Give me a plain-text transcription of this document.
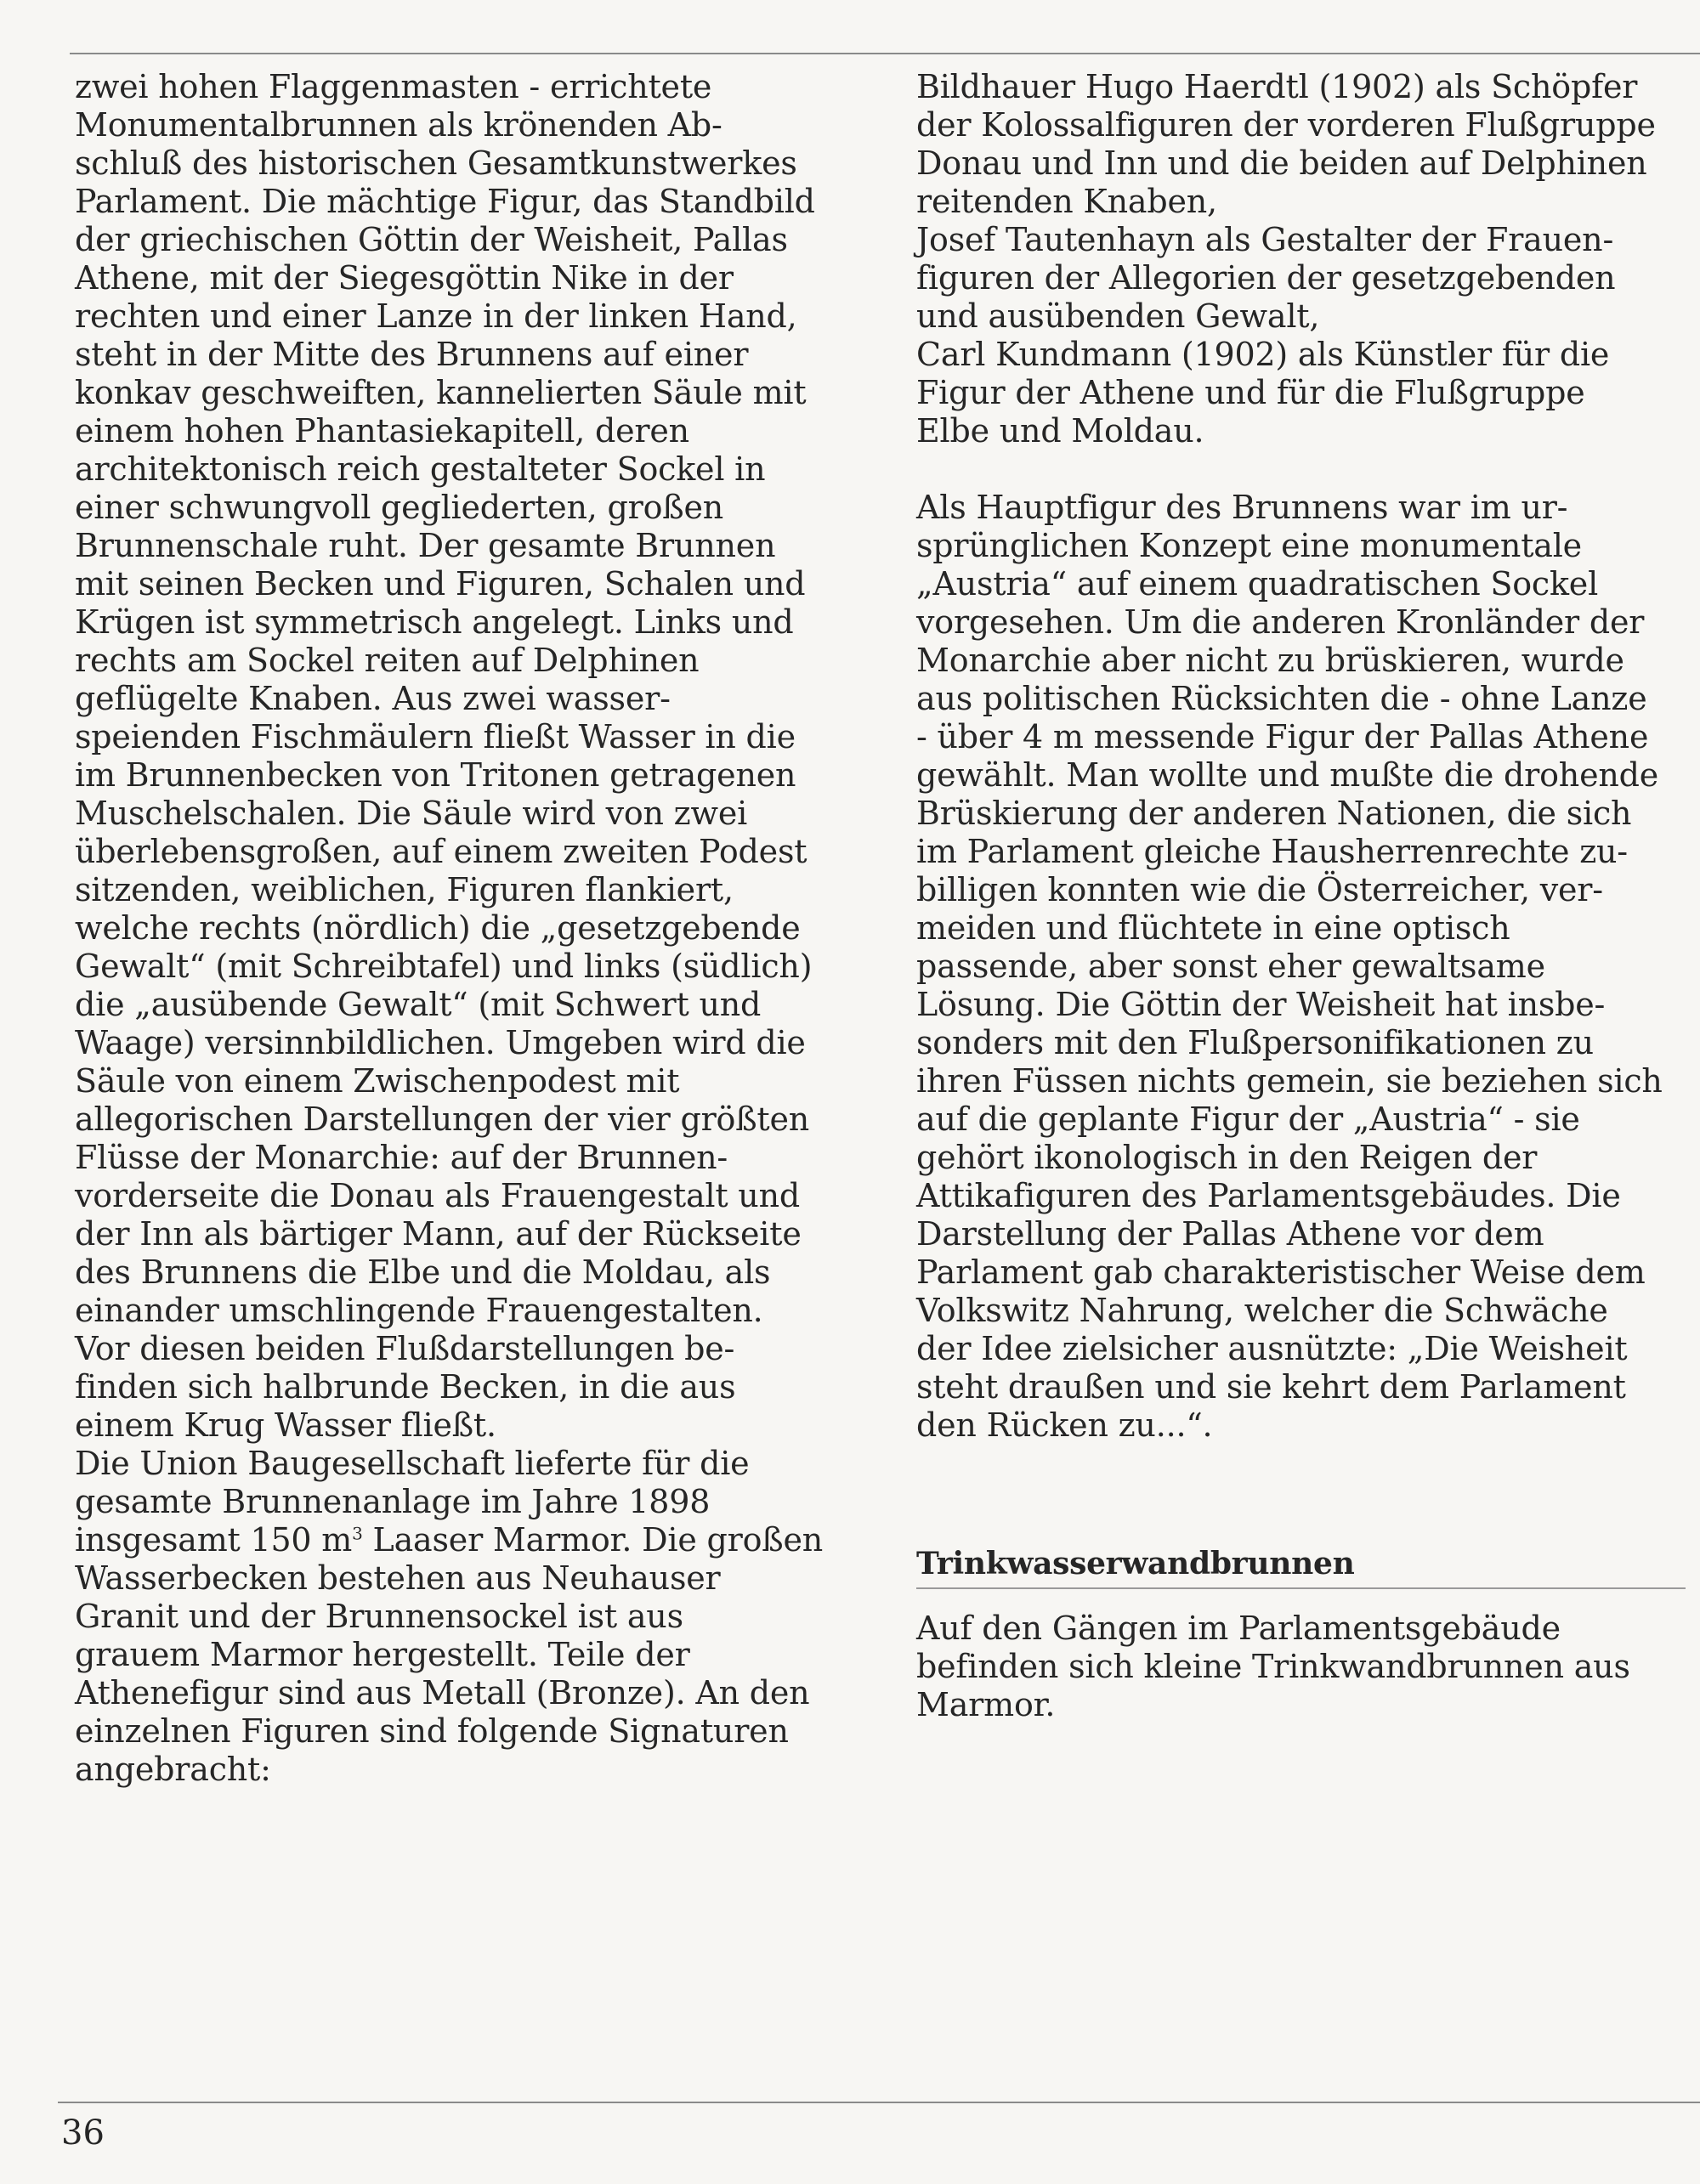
zwei hohen Flaggenmasten - errichtete
Monumentalbrunnen als krönenden Ab-
schluß des historischen Gesamtkunstwerkes
Parlament. Die mächtige Figur, das Standbild
der griechischen Göttin der Weisheit, Pallas
Athene, mit der Siegesgöttin Nike in der
rechten und einer Lanze in der linken Hand,
steht in der Mitte des Brunnens auf einer
konkav geschweiften, kannelierten Säule mit
einem hohen Phantasiekapitell, deren
architektonisch reich gestalteter Sockel in
einer schwungvoll gegliederten, großen
Brunnenschale ruht. Der gesamte Brunnen
mit seinen Becken und Figuren, Schalen und
Krügen ist symmetrisch angelegt. Links und
rechts am Sockel reiten auf Delphinen
geflügelte Knaben. Aus zwei wasser-
speienden Fischmäulern fließt Wasser in die
im Brunnenbecken von Tritonen getragenen
Muschelschalen. Die Säule wird von zwei
überlebensgroßen, auf einem zweiten Podest
sitzenden, weiblichen, Figuren flankiert,
welche rechts (nördlich) die „gesetzgebende
Gewalt“ (mit Schreibtafel) und links (südlich)
die „ausübende Gewalt“ (mit Schwert und
Waage) versinnbildlichen. Umgeben wird die
Säule von einem Zwischenpodest mit
allegorischen Darstellungen der vier größten
Flüsse der Monarchie: auf der Brunnen-
vorderseite die Donau als Frauengestalt und
der Inn als bärtiger Mann, auf der Rückseite
des Brunnens die Elbe und die Moldau, als
einander umschlingende Frauengestalten.
Vor diesen beiden Flußdarstellungen be-
finden sich halbrunde Becken, in die aus
einem Krug Wasser fließt.
Die Union Baugesellschaft lieferte für die
gesamte Brunnenanlage im Jahre 1898
insgesamt 150 $m^3$ Laaser Marmor. Die großen
Wasserbecken bestehen aus Neuhauser
Granit und der Brunnensockel ist aus
grauem Marmor hergestellt. Teile der
Athenefigur sind aus Metall (Bronze). An den
einzelnen Figuren sind folgende Signaturen
angebracht:
Bildhauer Hugo Haerdtl (1902) als Schöpfer
der Kolossalfiguren der vorderen Flußgruppe
Donau und Inn und die beiden auf Delphinen
reitenden Knaben,
Josef Tautenhayn als Gestalter der Frauen-
figuren der Allegorien der gesetzgebenden
und ausübenden Gewalt,
Carl Kundmann (1902) als Künstler für die
Figur der Athene und für die Flußgruppe
Elbe und Moldau.
Als Hauptfigur des Brunnens war im ur-
sprünglichen Konzept eine monumentale
„Austria“ auf einem quadratischen Sockel
vorgesehen. Um die anderen Kronländer der
Monarchie aber nicht zu brüskieren, wurde
aus politischen Rücksichten die - ohne Lanze
- über 4 m messende Figur der Pallas Athene
gewählt. Man wollte und mußte die drohende
Brüskierung der anderen Nationen, die sich
im Parlament gleiche Hausherrenrechte zu-
billigen konnten wie die Österreicher, ver-
meiden und flüchtete in eine optisch
passende, aber sonst eher gewaltsame
Lösung. Die Göttin der Weisheit hat insbe-
sonders mit den Flußpersonifikationen zu
ihren Füssen nichts gemein, sie beziehen sich
auf die geplante Figur der „Austria“ - sie
gehört ikonologisch in den Reigen der
Attikafiguren des Parlamentsgebäudes. Die
Darstellung der Pallas Athene vor dem
Parlament gab charakteristischer Weise dem
Volkswitz Nahrung, welcher die Schwäche
der Idee zielsicher ausnützte: „Die Weisheit
steht draußen und sie kehrt dem Parlament
den Rücken zu...“.
Trinkwasserwandbrunnen
Auf den Gängen im Parlamentsgebäude
befinden sich kleine Trinkwandbrunnen aus
Marmor.
36
